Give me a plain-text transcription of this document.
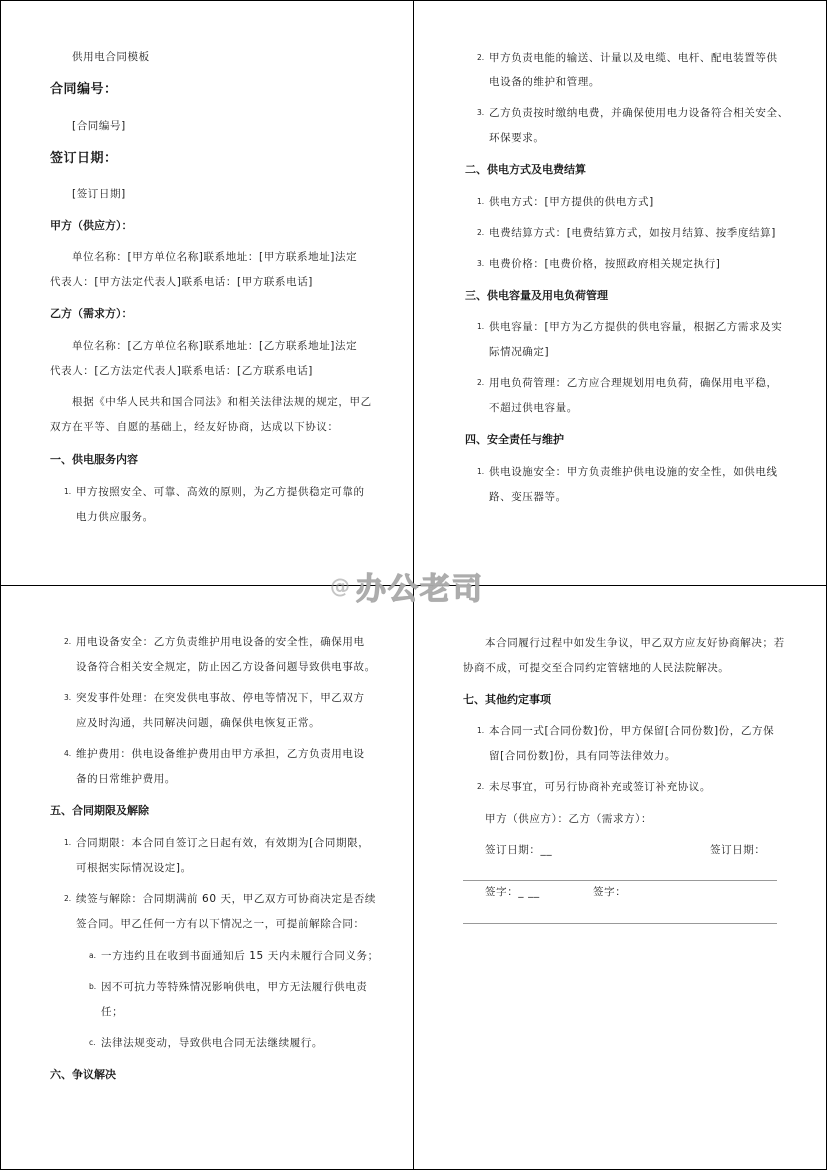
供用电合同模板
合同编号：
[合同编号]
签订日期：
[签订日期]
甲方（供应方）：
单位名称：[甲方单位名称]联系地址：[甲方联系地址]法定
代表人：[甲方法定代表人]联系电话：[甲方联系电话]
乙方（需求方）：
单位名称：[乙方单位名称]联系地址：[乙方联系地址]法定
代表人：[乙方法定代表人]联系电话：[乙方联系电话]
根据《中华人民共和国合同法》和相关法律法规的规定，甲乙
双方在平等、自愿的基础上，经友好协商，达成以下协议：
一、供电服务内容
1. 甲方按照安全、可靠、高效的原则，为乙方提供稳定可靠的
电力供应服务。
2. 甲方负责电能的输送、计量以及电缆、电杆、配电装置等供
电设备的维护和管理。
3. 乙方负责按时缴纳电费，并确保使用电力设备符合相关安全、
环保要求。
二、供电方式及电费结算
1. 供电方式：[甲方提供的供电方式]
2. 电费结算方式：[电费结算方式，如按月结算、按季度结算]
3. 电费价格：[电费价格，按照政府相关规定执行]
三、供电容量及用电负荷管理
1. 供电容量：[甲方为乙方提供的供电容量，根据乙方需求及实
际情况确定]
2. 用电负荷管理：乙方应合理规划用电负荷，确保用电平稳，
不超过供电容量。
四、安全责任与维护
1. 供电设施安全：甲方负责维护供电设施的安全性，如供电线
路、变压器等。
2. 用电设备安全：乙方负责维护用电设备的安全性，确保用电
设备符合相关安全规定，防止因乙方设备问题导致供电事故。
3. 突发事件处理：在突发供电事故、停电等情况下，甲乙双方
应及时沟通，共同解决问题，确保供电恢复正常。
4. 维护费用：供电设备维护费用由甲方承担，乙方负责用电设
备的日常维护费用。
五、合同期限及解除
1. 合同期限：本合同自签订之日起有效，有效期为[合同期限，
可根据实际情况设定]。
2. 续签与解除：合同期满前 60 天，甲乙双方可协商决定是否续
签合同。甲乙任何一方有以下情况之一，可提前解除合同：
a. 一方违约且在收到书面通知后 15 天内未履行合同义务；
b. 因不可抗力等特殊情况影响供电，甲方无法履行供电责
任；
c. 法律法规变动，导致供电合同无法继续履行。
六、争议解决
本合同履行过程中如发生争议，甲乙双方应友好协商解决；若
协商不成，可提交至合同约定管辖地的人民法院解决。
七、其他约定事项
1. 本合同一式[合同份数]份，甲方保留[合同份数]份，乙方保
留[合同份数]份，具有同等法律效力。
2. 未尽事宜，可另行协商补充或签订补充协议。
甲方（供应方）：乙方（需求方）：
签订日期：__	签订日期：
签字：_ __	签字：
@ 办公老司
